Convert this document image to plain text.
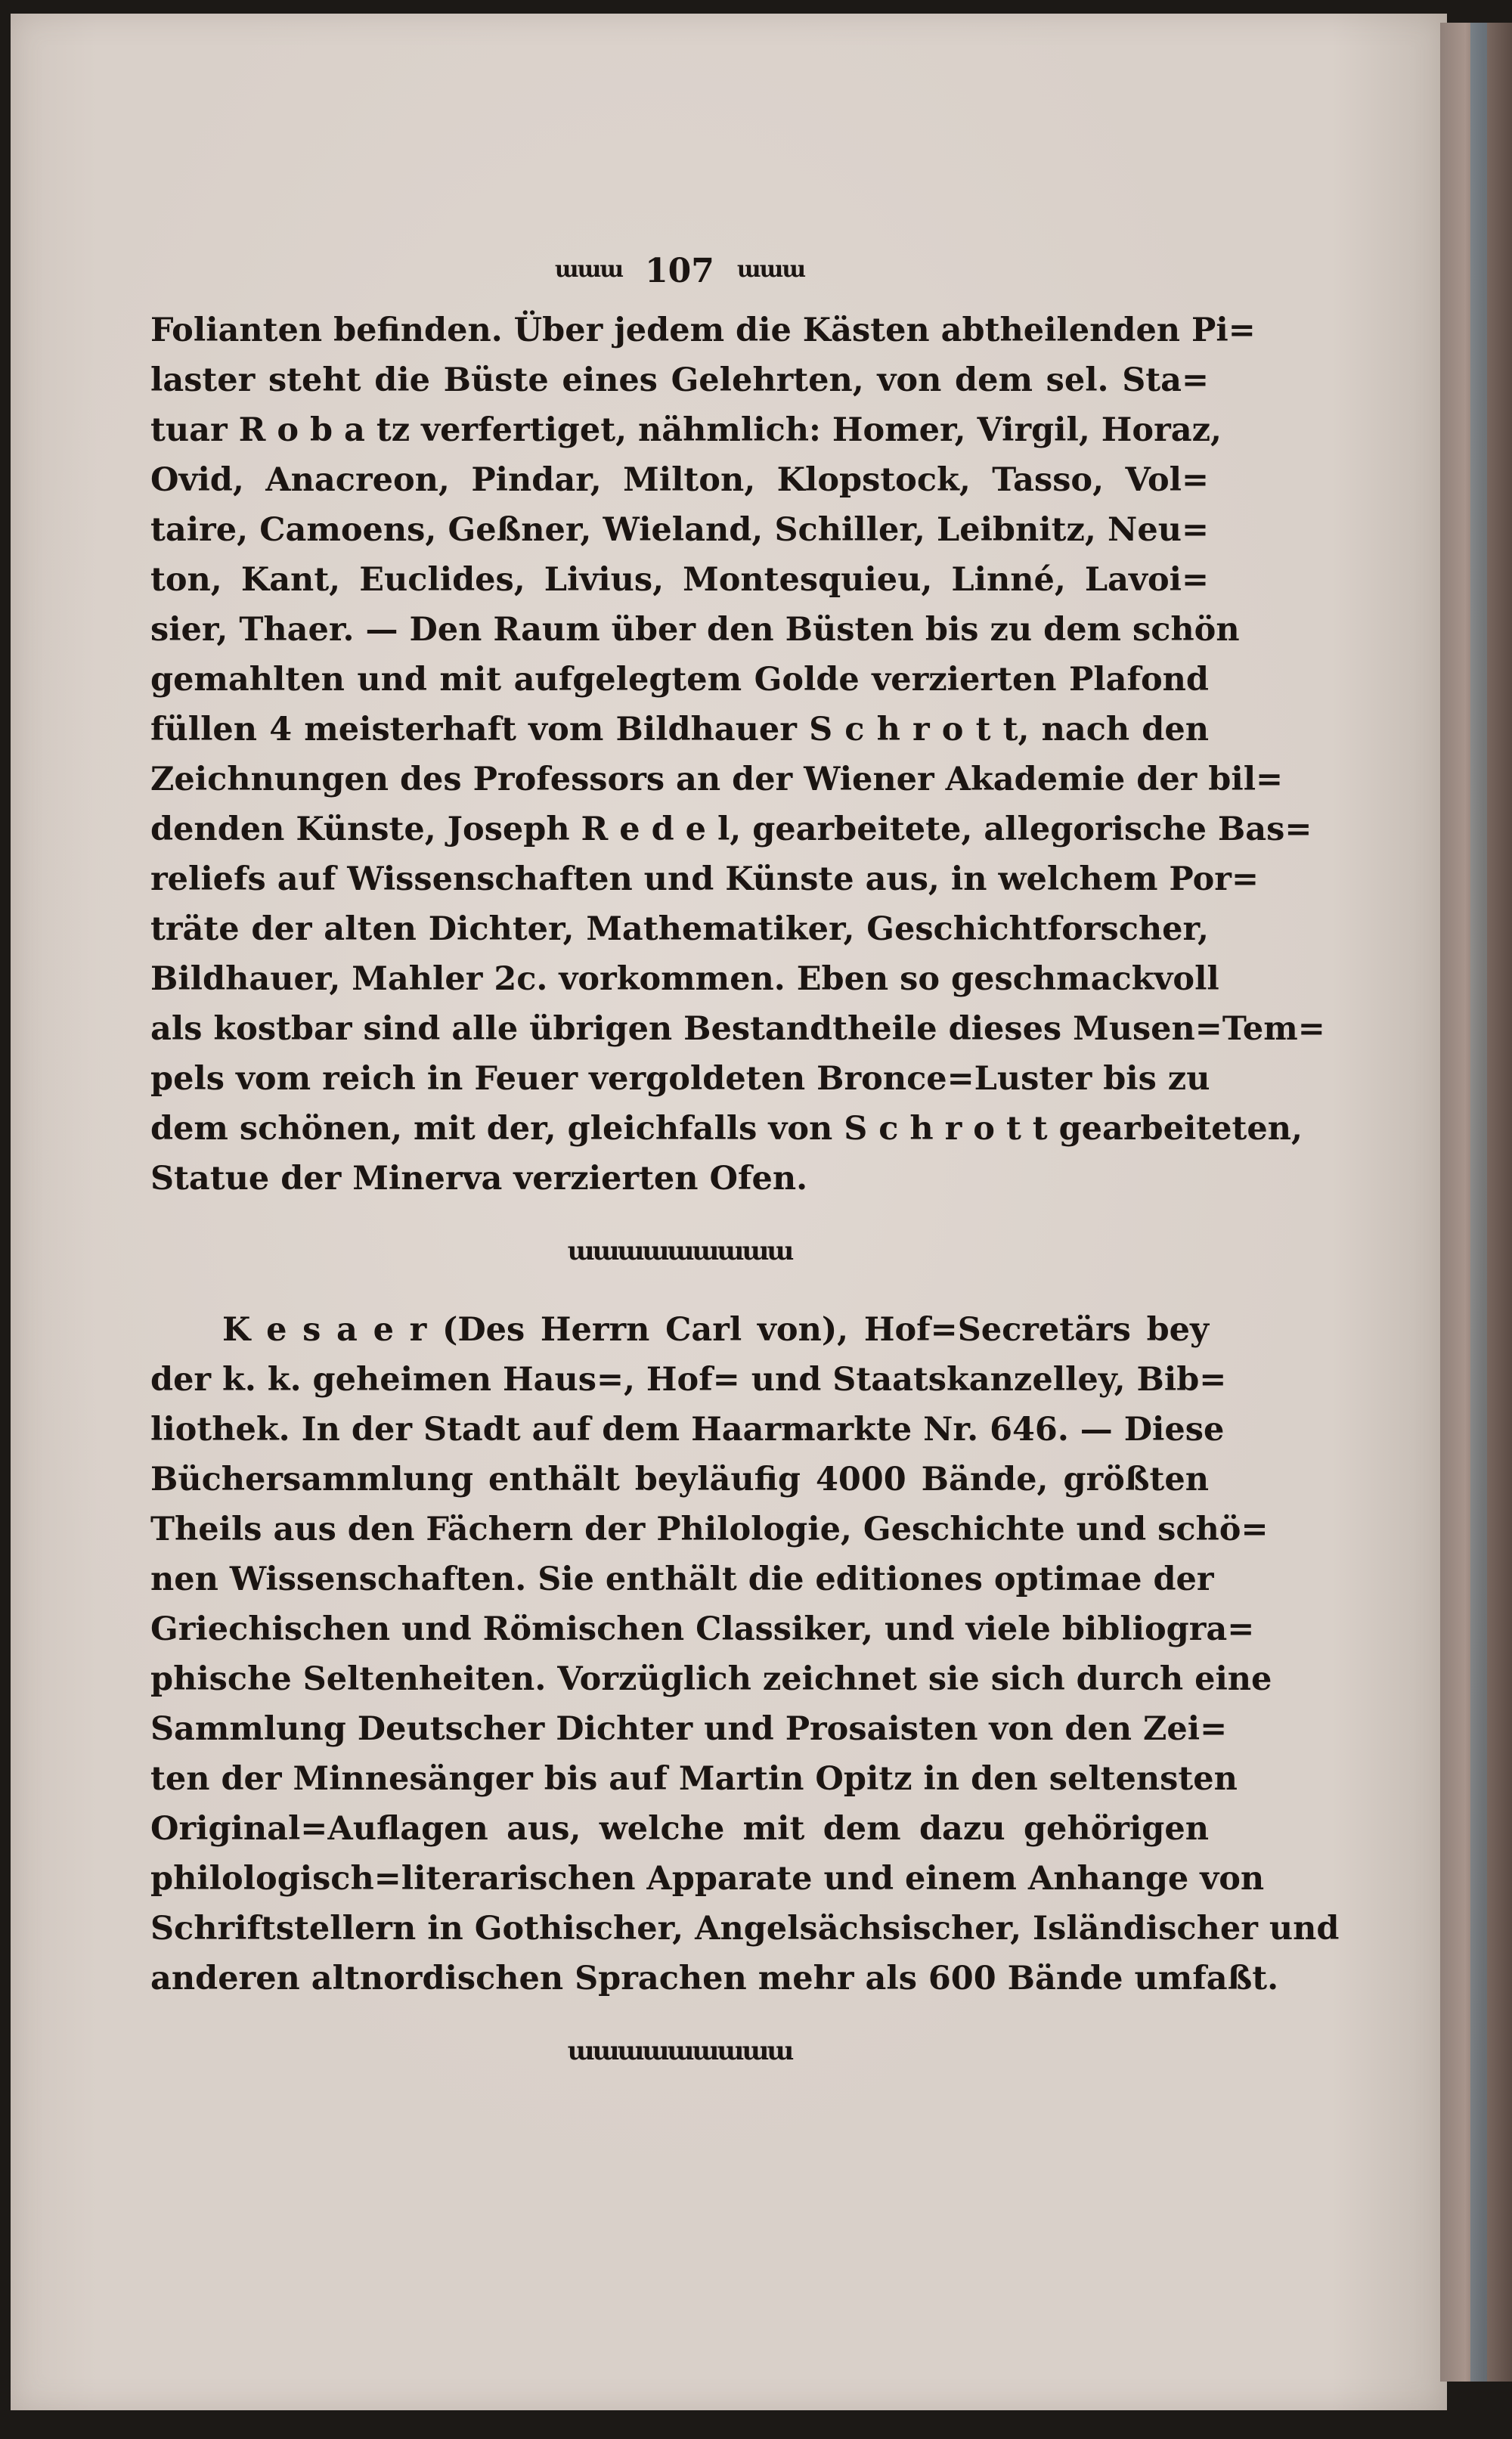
ɯɯɯ 107 ɯɯɯ
Folianten befinden. Über jedem die Kästen abtheilenden Pi=
laster steht die Büste eines Gelehrten, von dem sel. Sta=
tuar R o b a tz verfertiget, nähmlich: Homer, Virgil, Horaz,
Ovid, Anacreon, Pindar, Milton, Klopstock, Tasso, Vol=
taire, Camoens, Geßner, Wieland, Schiller, Leibnitz, Neu=
ton, Kant, Euclides, Livius, Montesquieu, Linné, Lavoi=
sier, Thaer. — Den Raum über den Büsten bis zu dem schön
gemahlten und mit aufgelegtem Golde verzierten Plafond
füllen 4 meisterhaft vom Bildhauer S c h r o t t, nach den
Zeichnungen des Professors an der Wiener Akademie der bil=
denden Künste, Joseph R e d e l, gearbeitete, allegorische Bas=
reliefs auf Wissenschaften und Künste aus, in welchem Por=
träte der alten Dichter, Mathematiker, Geschichtforscher,
Bildhauer, Mahler 2c. vorkommen. Eben so geschmackvoll
als kostbar sind alle übrigen Bestandtheile dieses Musen=Tem=
pels vom reich in Feuer vergoldeten Bronce=Luster bis zu
dem schönen, mit der, gleichfalls von S c h r o t t gearbeiteten,
Statue der Minerva verzierten Ofen.
ɯɯɯɯɯɯɯɯɯ
K e s a e r (Des Herrn Carl von), Hof=Secretärs bey
der k. k. geheimen Haus=, Hof= und Staatskanzelley, Bib=
liothek. In der Stadt auf dem Haarmarkte Nr. 646. — Diese
Büchersammlung enthält beyläufig 4000 Bände, größten
Theils aus den Fächern der Philologie, Geschichte und schö=
nen Wissenschaften. Sie enthält die editiones optimae der
Griechischen und Römischen Classiker, und viele bibliogra=
phische Seltenheiten. Vorzüglich zeichnet sie sich durch eine
Sammlung Deutscher Dichter und Prosaisten von den Zei=
ten der Minnesänger bis auf Martin Opitz in den seltensten
Original=Auflagen aus, welche mit dem dazu gehörigen
philologisch=literarischen Apparate und einem Anhange von
Schriftstellern in Gothischer, Angelsächsischer, Isländischer und
anderen altnordischen Sprachen mehr als 600 Bände umfaßt.
ɯɯɯɯɯɯɯɯɯ
